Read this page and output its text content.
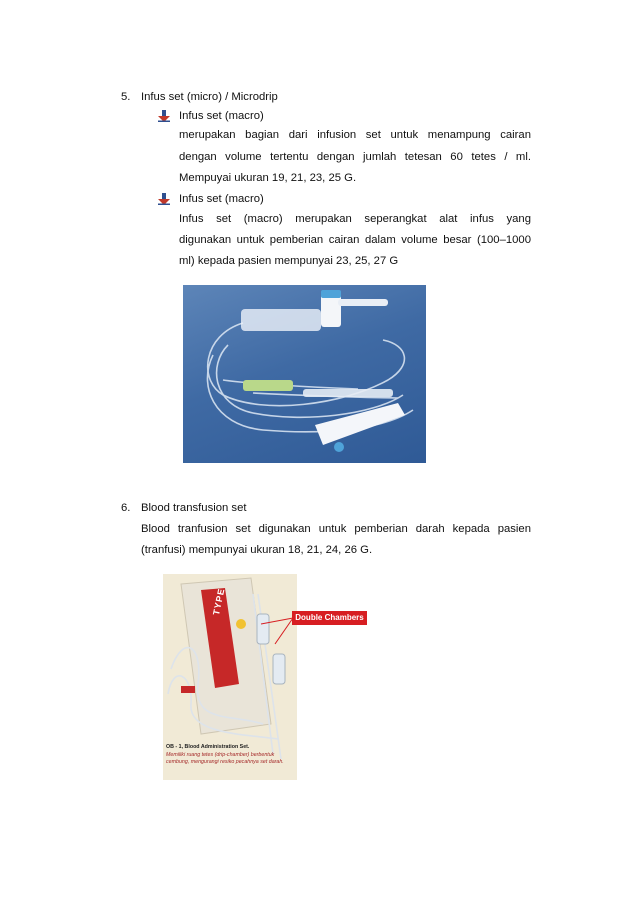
5. Infus set (micro) / Microdrip
Infus set (macro)
merupakan bagian dari infusion set untuk menampung cairan
dengan volume tertentu dengan jumlah tetesan 60 tetes / ml.
Mempuyai ukuran 19, 21, 23, 25 G.
Infus set (macro)
Infus set (macro) merupakan seperangkat alat infus yang
digunakan untuk pemberian cairan dalam volume besar (100–1000
ml) kepada pasien mempunyai 23, 25, 27 G
6. Blood transfusion set
Blood tranfusion set digunakan untuk pemberian darah kepada pasien
(tranfusi) mempunyai ukuran 18, 21, 24, 26 G.
TYPE
Double Chambers
OB - 1, Blood Administration Set.
Memiliki ruang tetes (drip-chamber) berbentuk cembung, mengurangi resiko pecahnya set darah.
